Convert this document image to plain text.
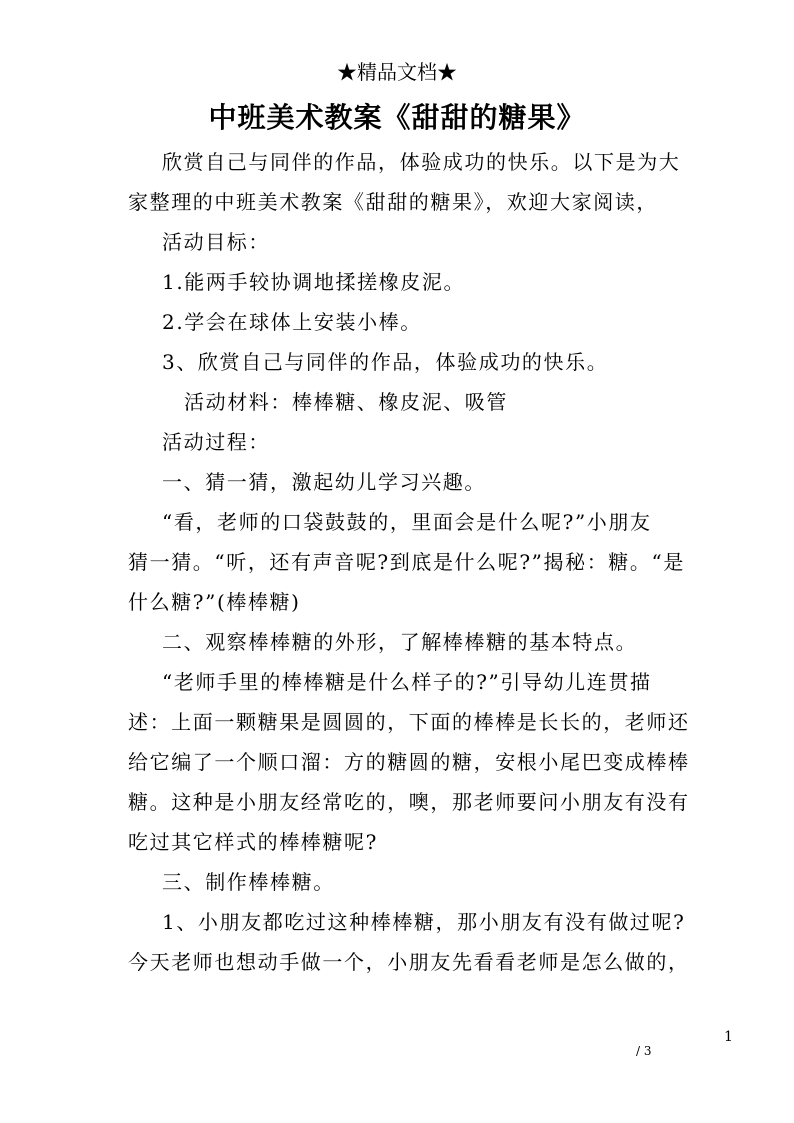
★精品文档★
中班美术教案《甜甜的糖果》

欣赏自己与同伴的作品，体验成功的快乐。以下是为大

家整理的中班美术教案《甜甜的糖果》，欢迎大家阅读，

活动目标：

1.能两手较协调地揉搓橡皮泥。

2.学会在球体上安装小棒。

3、欣赏自己与同伴的作品，体验成功的快乐。

活动材料：棒棒糖、橡皮泥、吸管

活动过程：

一、猜一猜，激起幼儿学习兴趣。

“看，老师的口袋鼓鼓的，里面会是什么呢?”小朋友

猜一猜。“听，还有声音呢?到底是什么呢?”揭秘：糖。“是

什么糖?”(棒棒糖)

二、观察棒棒糖的外形，了解棒棒糖的基本特点。

“老师手里的棒棒糖是什么样子的?”引导幼儿连贯描

述：上面一颗糖果是圆圆的，下面的棒棒是长长的，老师还

给它编了一个顺口溜：方的糖圆的糖，安根小尾巴变成棒棒

糖。这种是小朋友经常吃的，噢，那老师要问小朋友有没有

吃过其它样式的棒棒糖呢?

三、制作棒棒糖。

1、小朋友都吃过这种棒棒糖，那小朋友有没有做过呢?

今天老师也想动手做一个，小朋友先看看老师是怎么做的，

1
/ 3
